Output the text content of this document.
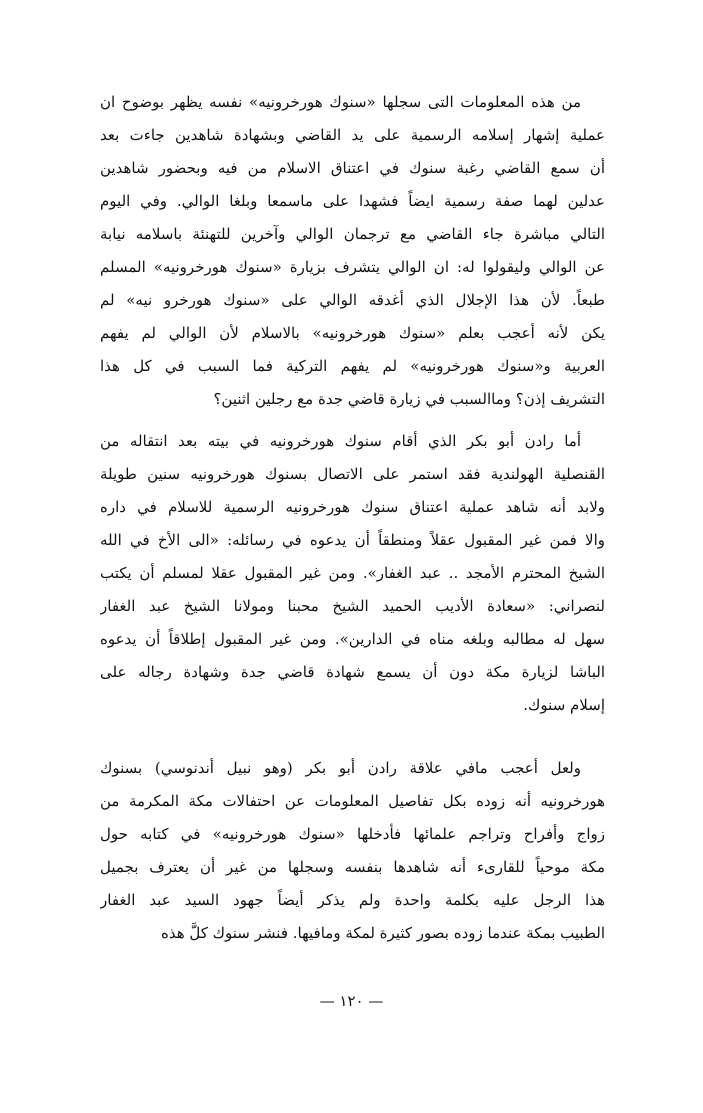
من هذه المعلومات التى سجلها «سنوك هورخرونيه» نفسه يظهر بوضوح ان
عملية إشهار إسلامه الرسمية على يد القاضي وبشهادة شاهدين جاءت بعد
أن سمع القاضي رغبة سنوك في اعتناق الاسلام من فيه وبحضور شاهدين
عدلين لهما صفة رسمية ايضاً فشهدا على ماسمعا وبلغا الوالي. وفي اليوم
التالي مباشرة جاء القاضي مع ترجمان الوالي وآخرين للتهنئة باسلامه نيابة
عن الوالي وليقولوا له: ان الوالي يتشرف بزيارة «سنوك هورخرونيه» المسلم
طبعاً. لأن هذا الإجلال الذي أغدقه الوالي على «سنوك هورخرو نيه» لم
يكن لأنه أعجب بعلم «سنوك هورخرونيه» بالاسلام لأن الوالي لم يفهم
العربية و«سنوك هورخرونيه» لم يفهم التركية فما السبب في كل هذا
التشريف إذن؟ وماالسبب في زيارة قاضي جدة مع رجلين اثنين؟
أما رادن أبو بكر الذي أقام سنوك هورخرونيه في بيته بعد انتقاله من
القنصلية الهولندية فقد استمر على الاتصال بسنوك هورخرونيه سنين طويلة
ولابد أنه شاهد عملية اعتناق سنوك هورخرونيه الرسمية للاسلام في داره
والا فمن غير المقبول عقلاً ومنطقاً أن يدعوه في رسائله: «الى الأخ في الله
الشيخ المحترم الأمجد .. عبد الغفار». ومن غير المقبول عقلا لمسلم أن يكتب
لنصراني: «سعادة الأديب الحميد الشيخ محبنا ومولانا الشيخ عبد الغفار
سهل له مطالبه وبلغه مناه في الدارين». ومن غير المقبول إطلاقاً أن يدعوه
الباشا لزيارة مكة دون أن يسمع شهادة قاضي جدة وشهادة رجاله على
إسلام سنوك.
ولعل أعجب مافي علاقة رادن أبو بكر (وهو نبيل أندنوسي) بسنوك
هورخرونيه أنه زوده بكل تفاصيل المعلومات عن احتفالات مكة المكرمة من
زواج وأفراح وتراجم علمائها فأدخلها «سنوك هورخرونيه» في كتابه حول
مكة موحياً للقارىء أنه شاهدها بنفسه وسجلها من غير أن يعترف بجميل
هذا الرجل عليه بكلمة واحدة ولم يذكر أيضاً جهود السيد عبد الغفار
الطبيب بمكة عندما زوده بصور كثيرة لمكة ومافيها. فنشر سنوك كلَّ هذه
— ١٢٠ —
